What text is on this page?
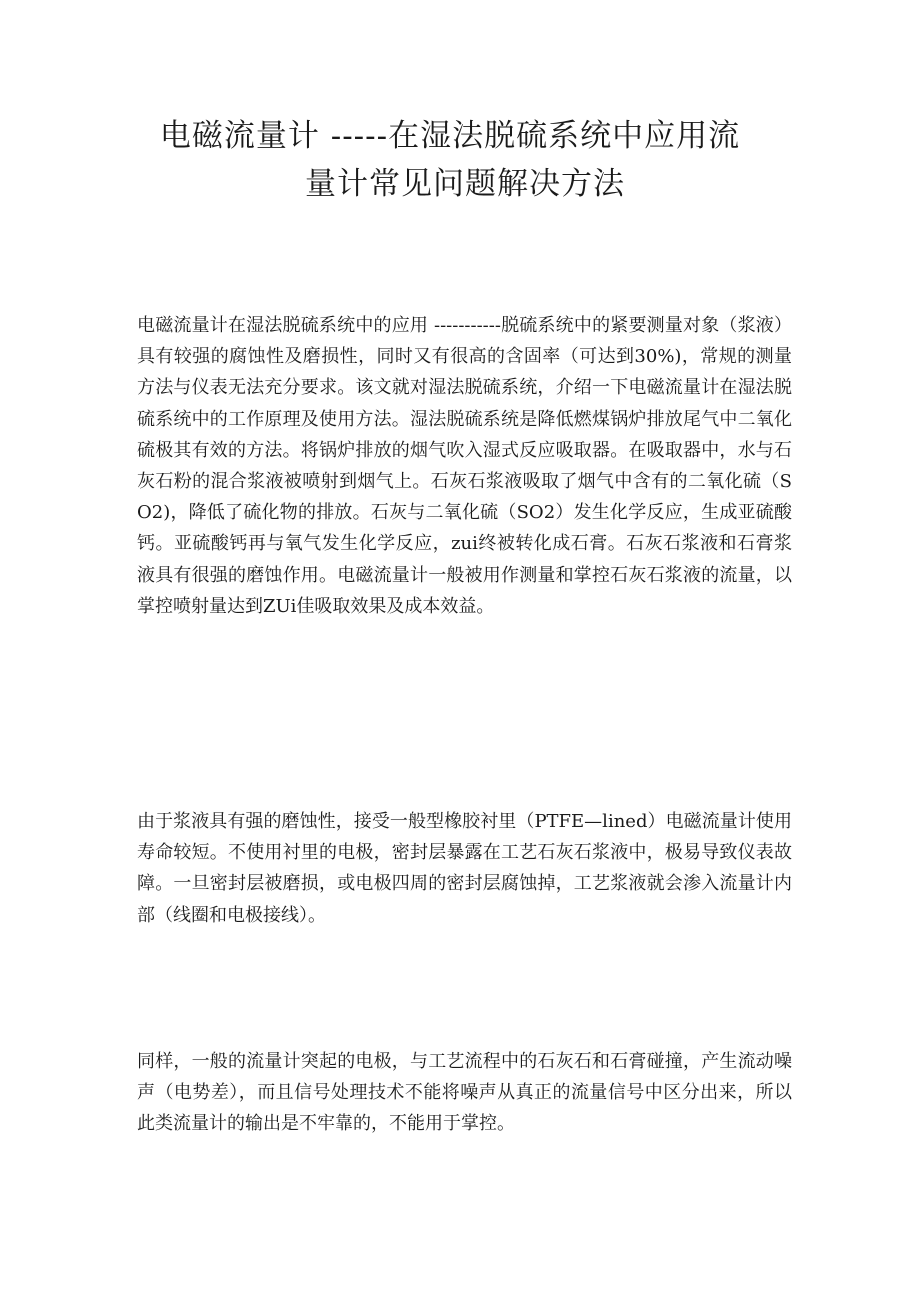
电磁流量计 -----在湿法脱硫系统中应用流
量计常见问题解决方法

电磁流量计在湿法脱硫系统中的应用 -----------脱硫系统中的紧要测量对象（浆液）具有较强的腐蚀性及磨损性，同时又有很高的含固率（可达到30%)，常规的测量方法与仪表无法充分要求。该文就对湿法脱硫系统，介绍一下电磁流量计在湿法脱硫系统中的工作原理及使用方法。湿法脱硫系统是降低燃煤锅炉排放尾气中二氧化硫极其有效的方法。将锅炉排放的烟气吹入湿式反应吸取器。在吸取器中，水与石灰石粉的混合浆液被喷射到烟气上。石灰石浆液吸取了烟气中含有的二氧化硫（SO2)，降低了硫化物的排放。石灰与二氧化硫（SO2）发生化学反应，生成亚硫酸钙。亚硫酸钙再与氧气发生化学反应，zui终被转化成石膏。石灰石浆液和石膏浆液具有很强的磨蚀作用。电磁流量计一般被用作测量和掌控石灰石浆液的流量，以掌控喷射量达到ZUi佳吸取效果及成本效益。

由于浆液具有强的磨蚀性，接受一般型橡胶衬里（PTFE—lined）电磁流量计使用寿命较短。不使用衬里的电极，密封层暴露在工艺石灰石浆液中，极易导致仪表故障。一旦密封层被磨损，或电极四周的密封层腐蚀掉，工艺浆液就会渗入流量计内部（线圈和电极接线）。

同样，一般的流量计突起的电极，与工艺流程中的石灰石和石膏碰撞，产生流动噪声（电势差），而且信号处理技术不能将噪声从真正的流量信号中区分出来，所以此类流量计的输出是不牢靠的，不能用于掌控。
